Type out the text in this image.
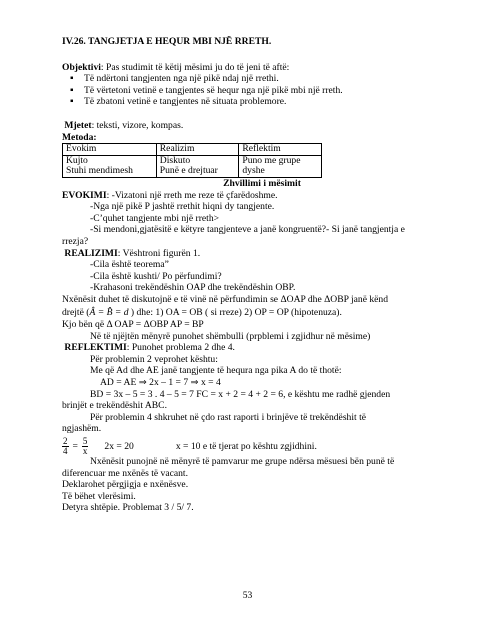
IV.26. TANGJETJA E HEQUR MBI NJË RRETH.

Objektivi: Pas studimit të këtij mësimi ju do të jeni të aftë:

▪ Të ndërtoni tangjenten nga një pikë ndaj një rrethi.
▪ Të vërtetoni vetinë e tangjentes së hequr nga një pikë mbi një rreth.
▪ Të zbatoni vetinë e tangjentes në situata problemore.

Mjetet: teksti, vizore, kompas.

Metoda:

Evokim	Realizim	Reflektim
Kujto	Diskuto	Puno me grupe
Stuhi mendimesh	Punë e drejtuar	dyshe

Zhvillimi i mësimit

EVOKIMI: -Vizatoni një rreth me reze të çfarëdoshme.

-Nga një pikë P jashtë rrethit hiqni dy tangjente.

-C’quhet tangjente mbi një rreth>

-Si mendoni,gjatësitë e këtyre tangjenteve a janë kongruentë?- Si janë tangjentja e

rrezja?

REALIZIMI: Vështroni figurën 1.

-Cila është teorema”

-Cila është kushti/ Po përfundimi?

-Krahasoni trekëndëshin OAP dhe trekëndëshin OBP.

Nxënësit duhet të diskutojnë e të vinë në përfundimin se ΔOAP dhe ΔOBP janë kënd

drejtë (Â = B̂ = d ) dhe: 1) OA = OB ( si rreze) 2) OP = OP (hipotenuza).

Kjo bën që Δ OAP = ΔOBP AP = BP

Në të njëjtën mënyrë punohet shëmbulli (prpblemi i zgjidhur në mësime)

REFLEKTIMI: Punohet problema 2 dhe 4.

Për problemin 2 veprohet kështu:

Me që Ad dhe AE janë tangjente të hequra nga pika A do të thotë:

AD = AE ⇒ 2x – 1 = 7 ⇒ x = 4

BD = 3x – 5 = 3 . 4 – 5 = 7 FC = x + 2 = 4 + 2 = 6, e kështu me radhë gjenden

brinjët e trekëndëshit ABC.

Për problemin 4 shkruhet në çdo rast raporti i brinjëve të trekëndëshit të

ngjashëm.

$\frac{2}{4} = \frac{5}{x} 2x = 20$	x = 10 e të tjerat po kështu zgjidhini.

Nxënësit punojnë në mënyrë të pamvarur me grupe ndërsa mësuesi bën punë të

diferencuar me nxënës të vacant.

Deklarohet përgjigja e nxënësve.

Të bëhet vlerësimi.

Detyra shtëpie. Problemat 3 / 5/ 7.

53
